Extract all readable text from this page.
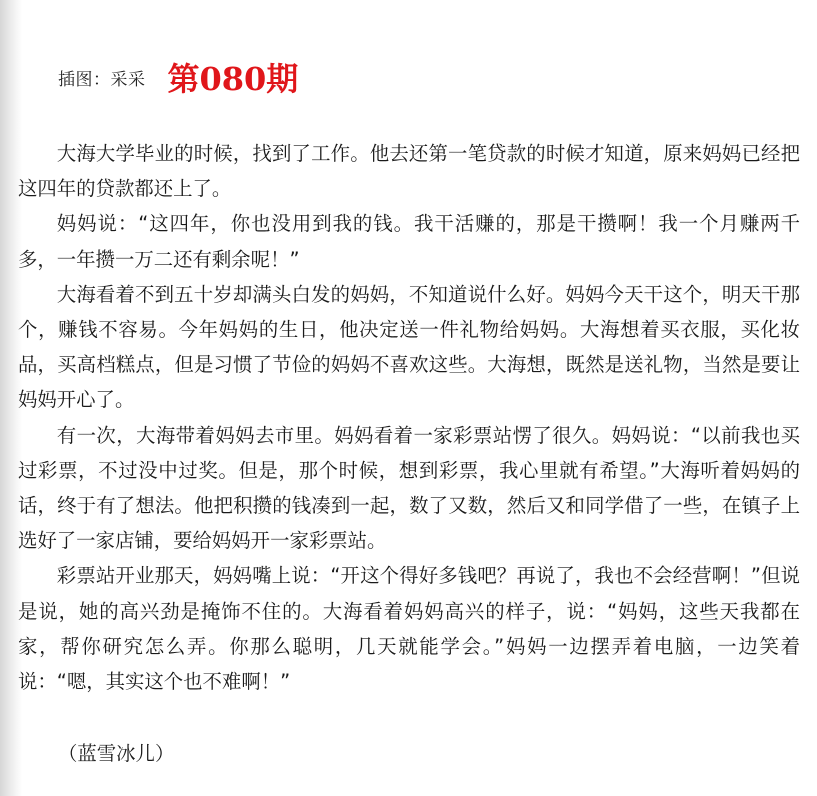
插图：采采 第080期

大海大学毕业的时候，找到了工作。他去还第一笔贷款的时候才知道，原来妈妈已经把这四年的贷款都还上了。

妈妈说：“这四年，你也没用到我的钱。我干活赚的，那是干攒啊！我一个月赚两千多，一年攒一万二还有剩余呢！”

大海看着不到五十岁却满头白发的妈妈，不知道说什么好。妈妈今天干这个，明天干那个，赚钱不容易。今年妈妈的生日，他决定送一件礼物给妈妈。大海想着买衣服，买化妆品，买高档糕点，但是习惯了节俭的妈妈不喜欢这些。大海想，既然是送礼物，当然是要让妈妈开心了。

有一次，大海带着妈妈去市里。妈妈看着一家彩票站愣了很久。妈妈说：“以前我也买过彩票，不过没中过奖。但是，那个时候，想到彩票，我心里就有希望。”大海听着妈妈的话，终于有了想法。他把积攒的钱凑到一起，数了又数，然后又和同学借了一些，在镇子上选好了一家店铺，要给妈妈开一家彩票站。

彩票站开业那天，妈妈嘴上说：“开这个得好多钱吧？再说了，我也不会经营啊！”但说是说，她的高兴劲是掩饰不住的。大海看着妈妈高兴的样子，说：“妈妈，这些天我都在家，帮你研究怎么弄。你那么聪明，几天就能学会。”妈妈一边摆弄着电脑，一边笑着说：“嗯，其实这个也不难啊！”

（蓝雪冰儿）
